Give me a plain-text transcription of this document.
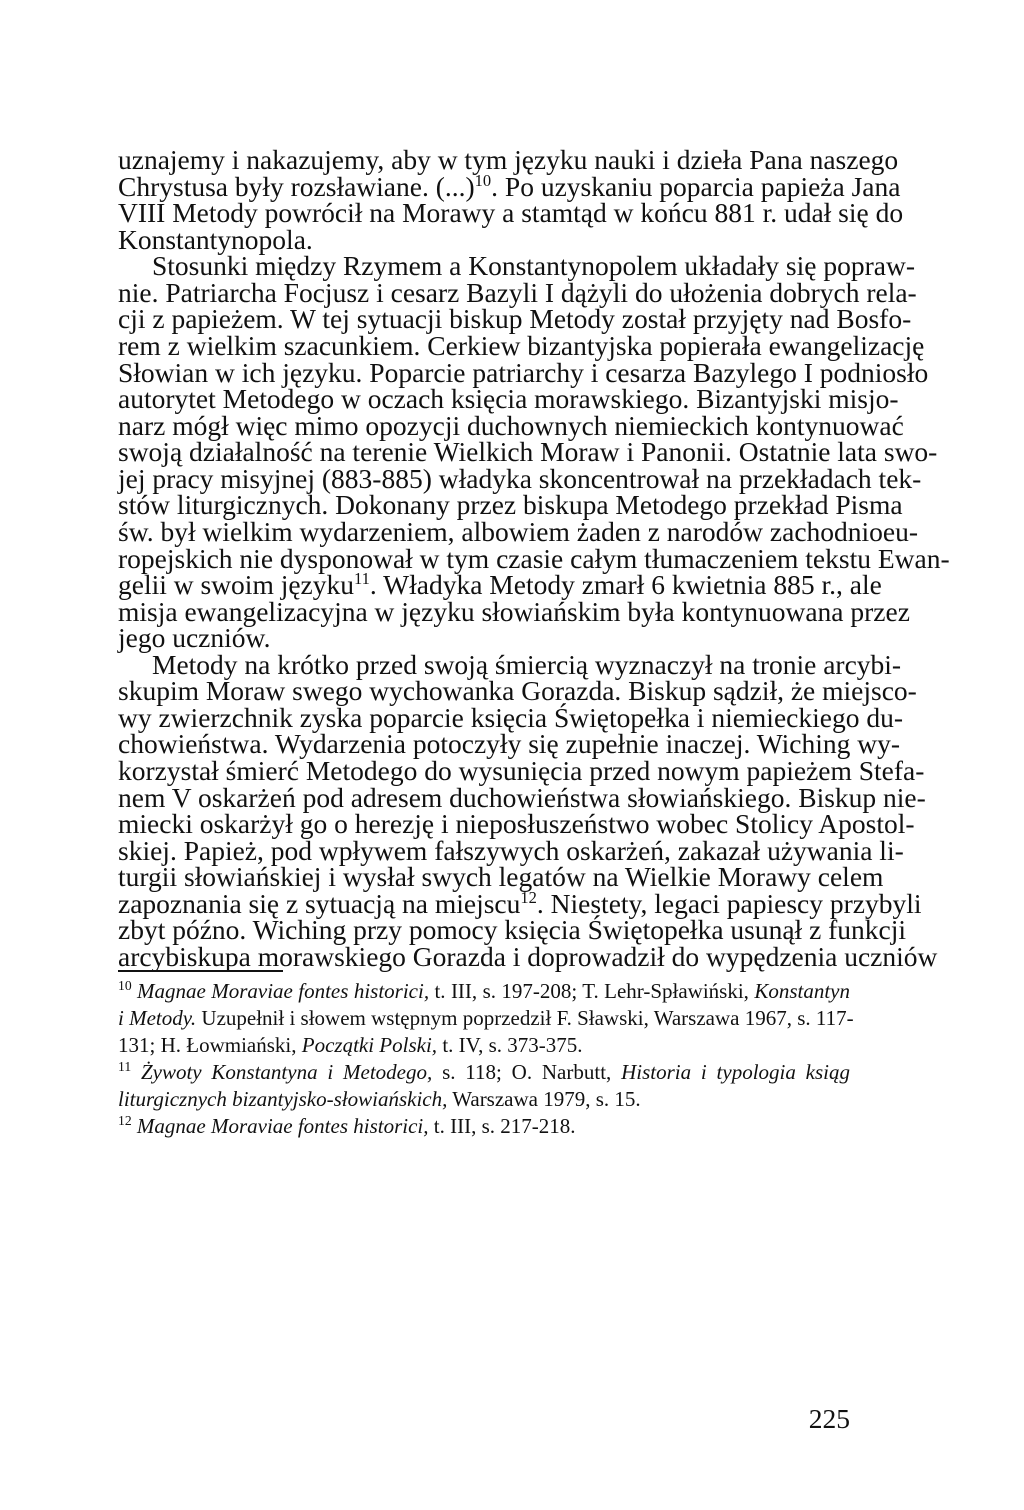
uznajemy i nakazujemy, aby w tym języku nauki i dzieła Pana naszego
Chrystusa były rozsławiane. (...)$^{10}$. Po uzyskaniu poparcia papieża Jana
VIII Metody powrócił na Morawy a stamtąd w końcu 881 r. udał się do
Konstantynopola.
Stosunki między Rzymem a Konstantynopolem układały się popraw-
nie. Patriarcha Focjusz i cesarz Bazyli I dążyli do ułożenia dobrych rela-
cji z papieżem. W tej sytuacji biskup Metody został przyjęty nad Bosfo-
rem z wielkim szacunkiem. Cerkiew bizantyjska popierała ewangelizację
Słowian w ich języku. Poparcie patriarchy i cesarza Bazylego I podniosło
autorytet Metodego w oczach księcia morawskiego. Bizantyjski misjo-
narz mógł więc mimo opozycji duchownych niemieckich kontynuować
swoją działalność na terenie Wielkich Moraw i Panonii. Ostatnie lata swo-
jej pracy misyjnej (883-885) władyka skoncentrował na przekładach tek-
stów liturgicznych. Dokonany przez biskupa Metodego przekład Pisma
św. był wielkim wydarzeniem, albowiem żaden z narodów zachodnioeu-
ropejskich nie dysponował w tym czasie całym tłumaczeniem tekstu Ewan-
gelii w swoim języku$^{11}$. Władyka Metody zmarł 6 kwietnia 885 r., ale
misja ewangelizacyjna w języku słowiańskim była kontynuowana przez
jego uczniów.
Metody na krótko przed swoją śmiercią wyznaczył na tronie arcybi-
skupim Moraw swego wychowanka Gorazda. Biskup sądził, że miejsco-
wy zwierzchnik zyska poparcie księcia Świętopełka i niemieckiego du-
chowieństwa. Wydarzenia potoczyły się zupełnie inaczej. Wiching wy-
korzystał śmierć Metodego do wysunięcia przed nowym papieżem Stefa-
nem V oskarżeń pod adresem duchowieństwa słowiańskiego. Biskup nie-
miecki oskarżył go o herezję i nieposłuszeństwo wobec Stolicy Apostol-
skiej. Papież, pod wpływem fałszywych oskarżeń, zakazał używania li-
turgii słowiańskiej i wysłał swych legatów na Wielkie Morawy celem
zapoznania się z sytuacją na miejscu$^{12}$. Niestety, legaci papiescy przybyli
zbyt późno. Wiching przy pomocy księcia Świętopełka usunął z funkcji
arcybiskupa morawskiego Gorazda i doprowadził do wypędzenia uczniów
$^{10}$ Magnae Moraviae fontes historici, t. III, s. 197-208; T. Lehr-Spławiński, Konstantyn
i Metody. Uzupełnił i słowem wstępnym poprzedził F. Sławski, Warszawa 1967, s. 117-
131; H. Łowmiański, Początki Polski, t. IV, s. 373-375.
$^{11}$ Żywoty Konstantyna i Metodego, s. 118; O. Narbutt, Historia i typologia ksiąg
liturgicznych bizantyjsko-słowiańskich, Warszawa 1979, s. 15.
$^{12}$ Magnae Moraviae fontes historici, t. III, s. 217-218.
225
